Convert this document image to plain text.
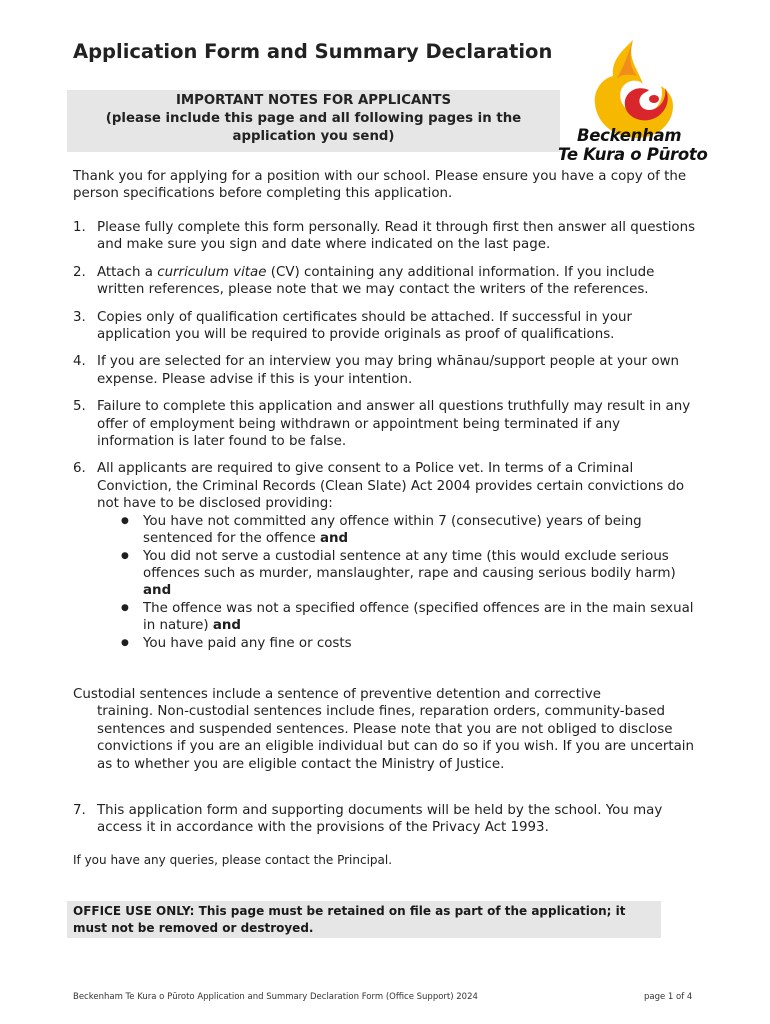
Application Form and Summary Declaration
IMPORTANT NOTES FOR APPLICANTS
(please include this page and all following pages in the
application you send)	Beckenham
Te Kura o Pūroto
Thank you for applying for a position with our school. Please ensure you have a copy of the person specifications before completing this application.
1. Please fully complete this form personally. Read it through first then answer all questions and make sure you sign and date where indicated on the last page.
2. Attach a curriculum vitae (CV) containing any additional information. If you include written references, please note that we may contact the writers of the references.
3. Copies only of qualification certificates should be attached. If successful in your application you will be required to provide originals as proof of qualifications.
4. If you are selected for an interview you may bring whānau/support people at your own expense. Please advise if this is your intention.
5. Failure to complete this application and answer all questions truthfully may result in any offer of employment being withdrawn or appointment being terminated if any information is later found to be false.
6. All applicants are required to give consent to a Police vet. In terms of a Criminal Conviction, the Criminal Records (Clean Slate) Act 2004 provides certain convictions do not have to be disclosed providing:
● You have not committed any offence within 7 (consecutive) years of being sentenced for the offence and
● You did not serve a custodial sentence at any time (this would exclude serious offences such as murder, manslaughter, rape and causing serious bodily harm) and
● The offence was not a specified offence (specified offences are in the main sexual in nature) and
● You have paid any fine or costs
Custodial sentences include a sentence of preventive detention and corrective
training. Non-custodial sentences include fines, reparation orders, community-based sentences and suspended sentences. Please note that you are not obliged to disclose convictions if you are an eligible individual but can do so if you wish. If you are uncertain as to whether you are eligible contact the Ministry of Justice.
7. This application form and supporting documents will be held by the school. You may access it in accordance with the provisions of the Privacy Act 1993.
If you have any queries, please contact the Principal.
OFFICE USE ONLY: This page must be retained on file as part of the application; it must not be removed or destroyed.
Beckenham Te Kura o Pūroto Application and Summary Declaration Form (Office Support) 2024	page 1 of 4
